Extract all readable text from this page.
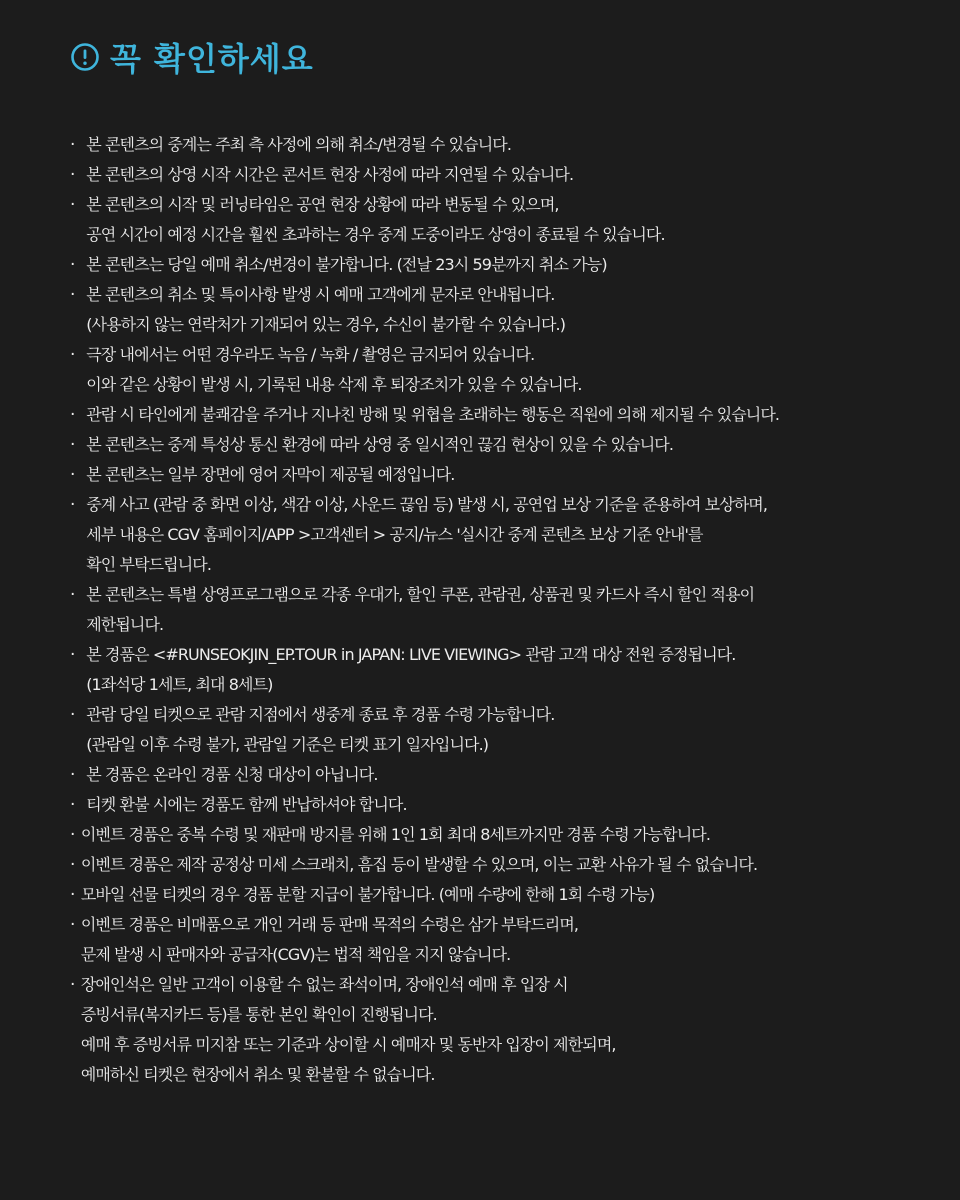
꼭 확인하세요
· 본 콘텐츠의 중계는 주최 측 사정에 의해 취소/변경될 수 있습니다.
· 본 콘텐츠의 상영 시작 시간은 콘서트 현장 사정에 따라 지연될 수 있습니다.
· 본 콘텐츠의 시작 및 러닝타임은 공연 현장 상황에 따라 변동될 수 있으며,
공연 시간이 예정 시간을 훨씬 초과하는 경우 중계 도중이라도 상영이 종료될 수 있습니다.
· 본 콘텐츠는 당일 예매 취소/변경이 불가합니다. (전날 23시 59분까지 취소 가능)
· 본 콘텐츠의 취소 및 특이사항 발생 시 예매 고객에게 문자로 안내됩니다.
(사용하지 않는 연락처가 기재되어 있는 경우, 수신이 불가할 수 있습니다.)
· 극장 내에서는 어떤 경우라도 녹음 / 녹화 / 촬영은 금지되어 있습니다.
이와 같은 상황이 발생 시, 기록된 내용 삭제 후 퇴장조치가 있을 수 있습니다.
· 관람 시 타인에게 불쾌감을 주거나 지나친 방해 및 위협을 초래하는 행동은 직원에 의해 제지될 수 있습니다.
· 본 콘텐츠는 중계 특성상 통신 환경에 따라 상영 중 일시적인 끊김 현상이 있을 수 있습니다.
· 본 콘텐츠는 일부 장면에 영어 자막이 제공될 예정입니다.
· 중계 사고 (관람 중 화면 이상, 색감 이상, 사운드 끊임 등) 발생 시, 공연업 보상 기준을 준용하여 보상하며,
세부 내용은 CGV 홈페이지/APP >고객센터 > 공지/뉴스 '실시간 중계 콘텐츠 보상 기준 안내'를
확인 부탁드립니다.
· 본 콘텐츠는 특별 상영프로그램으로 각종 우대가, 할인 쿠폰, 관람권, 상품권 및 카드사 즉시 할인 적용이
제한됩니다.
· 본 경품은 <#RUNSEOKJIN_EP.TOUR in JAPAN: LIVE VIEWING> 관람 고객 대상 전원 증정됩니다.
(1좌석당 1세트, 최대 8세트)
· 관람 당일 티켓으로 관람 지점에서 생중계 종료 후 경품 수령 가능합니다.
(관람일 이후 수령 불가, 관람일 기준은 티켓 표기 일자입니다.)
· 본 경품은 온라인 경품 신청 대상이 아닙니다.
· 티켓 환불 시에는 경품도 함께 반납하셔야 합니다.
· 이벤트 경품은 중복 수령 및 재판매 방지를 위해 1인 1회 최대 8세트까지만 경품 수령 가능합니다.
· 이벤트 경품은 제작 공정상 미세 스크래치, 흠집 등이 발생할 수 있으며, 이는 교환 사유가 될 수 없습니다.
· 모바일 선물 티켓의 경우 경품 분할 지급이 불가합니다. (예매 수량에 한해 1회 수령 가능)
· 이벤트 경품은 비매품으로 개인 거래 등 판매 목적의 수령은 삼가 부탁드리며,
문제 발생 시 판매자와 공급자(CGV)는 법적 책임을 지지 않습니다.
· 장애인석은 일반 고객이 이용할 수 없는 좌석이며, 장애인석 예매 후 입장 시
증빙서류(복지카드 등)를 통한 본인 확인이 진행됩니다.
예매 후 증빙서류 미지참 또는 기준과 상이할 시 예매자 및 동반자 입장이 제한되며,
예매하신 티켓은 현장에서 취소 및 환불할 수 없습니다.
